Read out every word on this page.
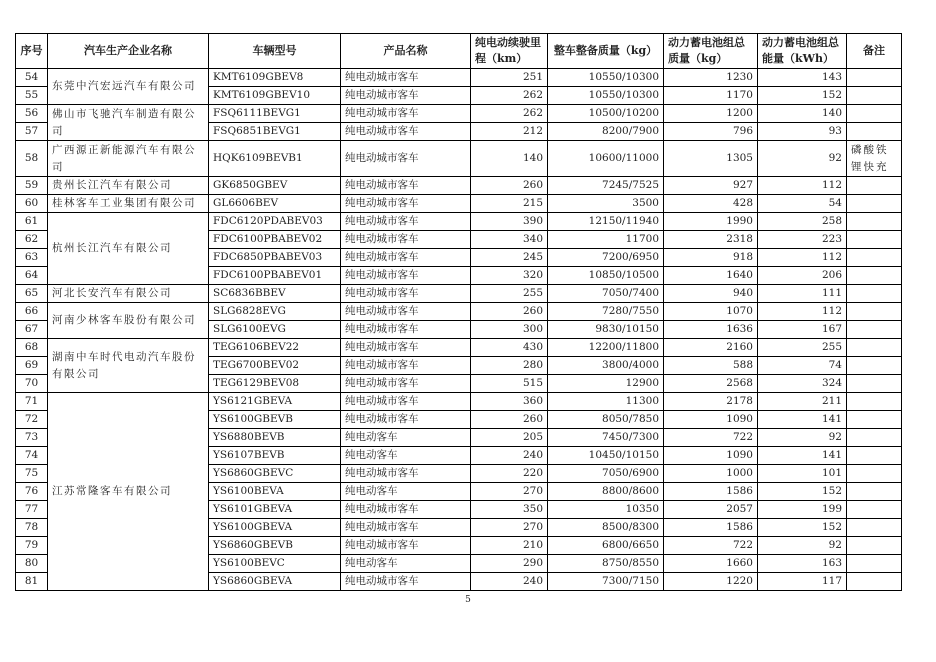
序号	汽车生产企业名称	车辆型号	产品名称	纯电动续驶里程（km）	整车整备质量（kg）	动力蓄电池组总质量（kg）	动力蓄电池组总能量（kWh）	备注
54	东莞中汽宏远汽车有限公司	KMT6109GBEV8	纯电动城市客车	251	10550/10300	1230	143	
55		KMT6109GBEV10	纯电动城市客车	262	10550/10300	1170	152	
56	佛山市飞驰汽车制造有限公司	FSQ6111BEVG1	纯电动城市客车	262	10500/10200	1200	140	
57		FSQ6851BEVG1	纯电动城市客车	212	8200/7900	796	93	
58	广西源正新能源汽车有限公司	HQK6109BEVB1	纯电动城市客车	140	10600/11000	1305	92	磷酸铁锂快充
59	贵州长江汽车有限公司	GK6850GBEV	纯电动城市客车	260	7245/7525	927	112	
60	桂林客车工业集团有限公司	GL6606BEV	纯电动城市客车	215	3500	428	54	
61	杭州长江汽车有限公司	FDC6120PDABEV03	纯电动城市客车	390	12150/11940	1990	258	
62		FDC6100PBABEV02	纯电动城市客车	340	11700	2318	223	
63		FDC6850PBABEV03	纯电动城市客车	245	7200/6950	918	112	
64		FDC6100PBABEV01	纯电动城市客车	320	10850/10500	1640	206	
65	河北长安汽车有限公司	SC6836BBEV	纯电动城市客车	255	7050/7400	940	111	
66	河南少林客车股份有限公司	SLG6828EVG	纯电动城市客车	260	7280/7550	1070	112	
67		SLG6100EVG	纯电动城市客车	300	9830/10150	1636	167	
68	湖南中车时代电动汽车股份有限公司	TEG6106BEV22	纯电动城市客车	430	12200/11800	2160	255	
69		TEG6700BEV02	纯电动城市客车	280	3800/4000	588	74	
70		TEG6129BEV08	纯电动城市客车	515	12900	2568	324	
71	江苏常隆客车有限公司	YS6121GBEVA	纯电动城市客车	360	11300	2178	211	
72		YS6100GBEVB	纯电动城市客车	260	8050/7850	1090	141	
73		YS6880BEVB	纯电动客车	205	7450/7300	722	92	
74		YS6107BEVB	纯电动客车	240	10450/10150	1090	141	
75		YS6860GBEVC	纯电动城市客车	220	7050/6900	1000	101	
76		YS6100BEVA	纯电动客车	270	8800/8600	1586	152	
77		YS6101GBEVA	纯电动城市客车	350	10350	2057	199	
78		YS6100GBEVA	纯电动城市客车	270	8500/8300	1586	152	
79		YS6860GBEVB	纯电动城市客车	210	6800/6650	722	92	
80		YS6100BEVC	纯电动客车	290	8750/8550	1660	163	
81		YS6860GBEVA	纯电动城市客车	240	7300/7150	1220	117	
5
